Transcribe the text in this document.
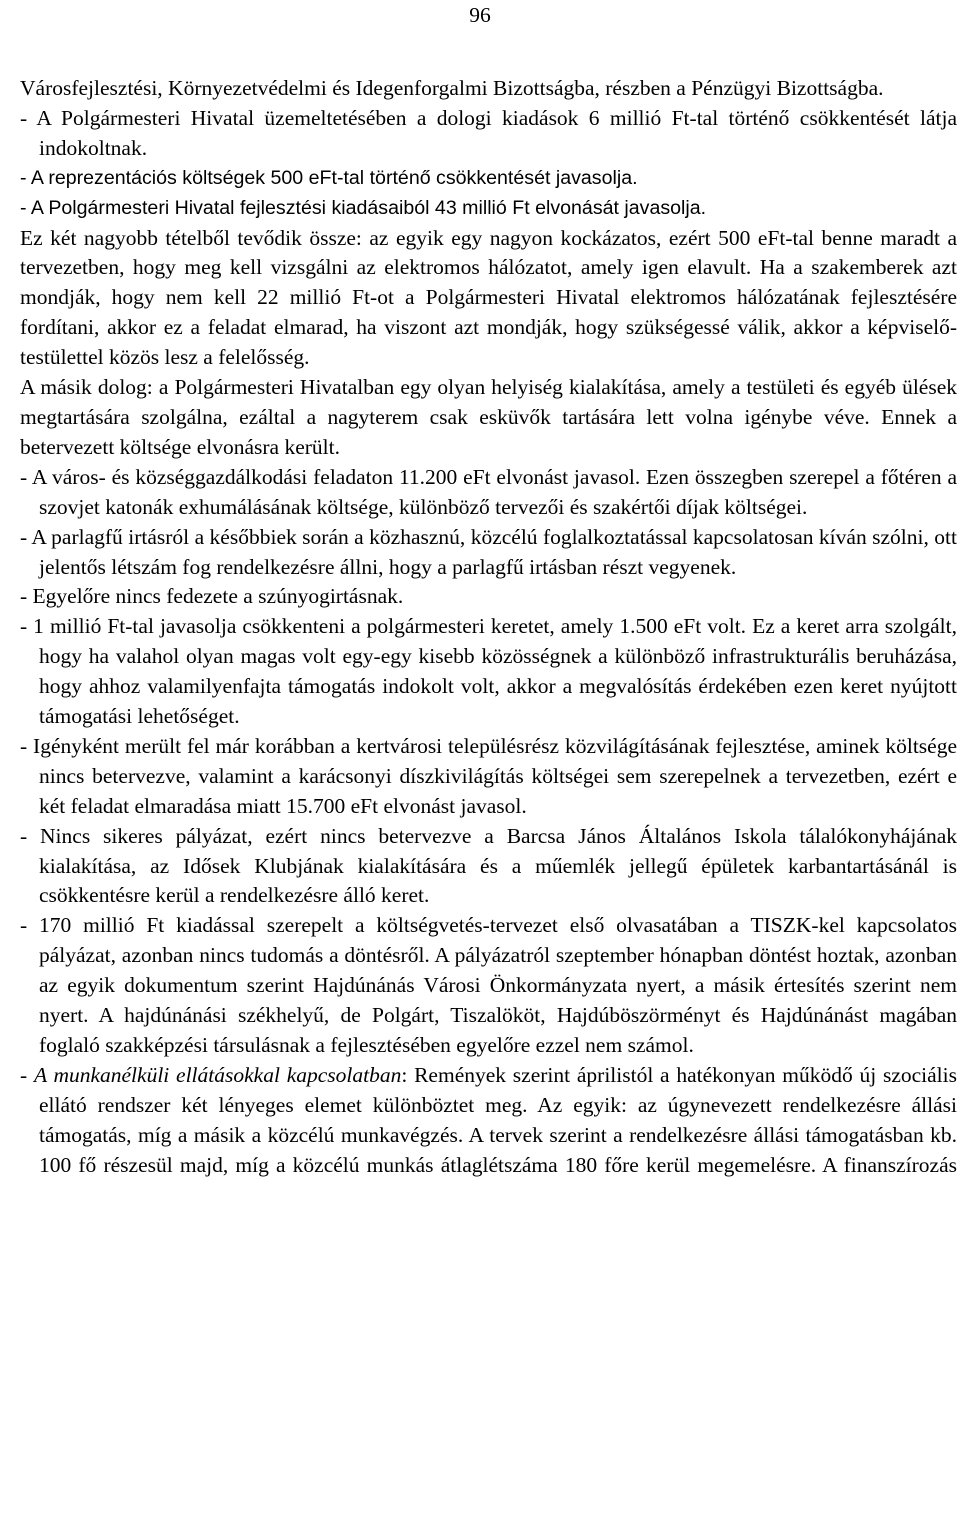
96

Városfejlesztési, Környezetvédelmi és Idegenforgalmi Bizottságba, részben a Pénzügyi Bizottságba.

- A Polgármesteri Hivatal üzemeltetésében a dologi kiadások 6 millió Ft-tal történő csökkentését látja indokoltnak.

- A reprezentációs költségek 500 eFt-tal történő csökkentését javasolja.

- A Polgármesteri Hivatal fejlesztési kiadásaiból 43 millió Ft elvonását javasolja.

Ez két nagyobb tételből tevődik össze: az egyik egy nagyon kockázatos, ezért 500 eFt-tal benne maradt a tervezetben, hogy meg kell vizsgálni az elektromos hálózatot, amely igen elavult. Ha a szakemberek azt mondják, hogy nem kell 22 millió Ft-ot a Polgármesteri Hivatal elektromos hálózatának fejlesztésére fordítani, akkor ez a feladat elmarad, ha viszont azt mondják, hogy szükségessé válik, akkor a képviselő-testülettel közös lesz a felelősség.

A másik dolog: a Polgármesteri Hivatalban egy olyan helyiség kialakítása, amely a testületi és egyéb ülések megtartására szolgálna, ezáltal a nagyterem csak esküvők tartására lett volna igénybe véve. Ennek a betervezett költsége elvonásra került.

- A város- és községgazdálkodási feladaton 11.200 eFt elvonást javasol. Ezen összegben szerepel a főtéren a szovjet katonák exhumálásának költsége, különböző tervezői és szakértői díjak költségei.

- A parlagfű irtásról a későbbiek során a közhasznú, közcélú foglalkoztatással kapcsolatosan kíván szólni, ott jelentős létszám fog rendelkezésre állni, hogy a parlagfű irtásban részt vegyenek.

- Egyelőre nincs fedezete a szúnyogirtásnak.

- 1 millió Ft-tal javasolja csökkenteni a polgármesteri keretet, amely 1.500 eFt volt. Ez a keret arra szolgált, hogy ha valahol olyan magas volt egy-egy kisebb közösségnek a különböző infrastrukturális beruházása, hogy ahhoz valamilyenfajta támogatás indokolt volt, akkor a megvalósítás érdekében ezen keret nyújtott támogatási lehetőséget.

- Igényként merült fel már korábban a kertvárosi településrész közvilágításának fejlesztése, aminek költsége nincs betervezve, valamint a karácsonyi díszkivilágítás költségei sem szerepelnek a tervezetben, ezért e két feladat elmaradása miatt 15.700 eFt elvonást javasol.

- Nincs sikeres pályázat, ezért nincs betervezve a Barcsa János Általános Iskola tálalókonyhájának kialakítása, az Idősek Klubjának kialakítására és a műemlék jellegű épületek karbantartásánál is csökkentésre kerül a rendelkezésre álló keret.

- 170 millió Ft kiadással szerepelt a költségvetés-tervezet első olvasatában a TISZK-kel kapcsolatos pályázat, azonban nincs tudomás a döntésről. A pályázatról szeptember hónapban döntést hoztak, azonban az egyik dokumentum szerint Hajdúnánás Városi Önkormányzata nyert, a másik értesítés szerint nem nyert. A hajdúnánási székhelyű, de Polgárt, Tiszalököt, Hajdúböszörményt és Hajdúnánást magában foglaló szakképzési társulásnak a fejlesztésében egyelőre ezzel nem számol.

- A munkanélküli ellátásokkal kapcsolatban: Remények szerint áprilistól a hatékonyan működő új szociális ellátó rendszer két lényeges elemet különböztet meg. Az egyik: az úgynevezett rendelkezésre állási támogatás, míg a másik a közcélú munkavégzés. A tervek szerint a rendelkezésre állási támogatásban kb. 100 fő részesül majd, míg a közcélú munkás átlaglétszáma 180 főre kerül megemelésre. A finanszírozás
